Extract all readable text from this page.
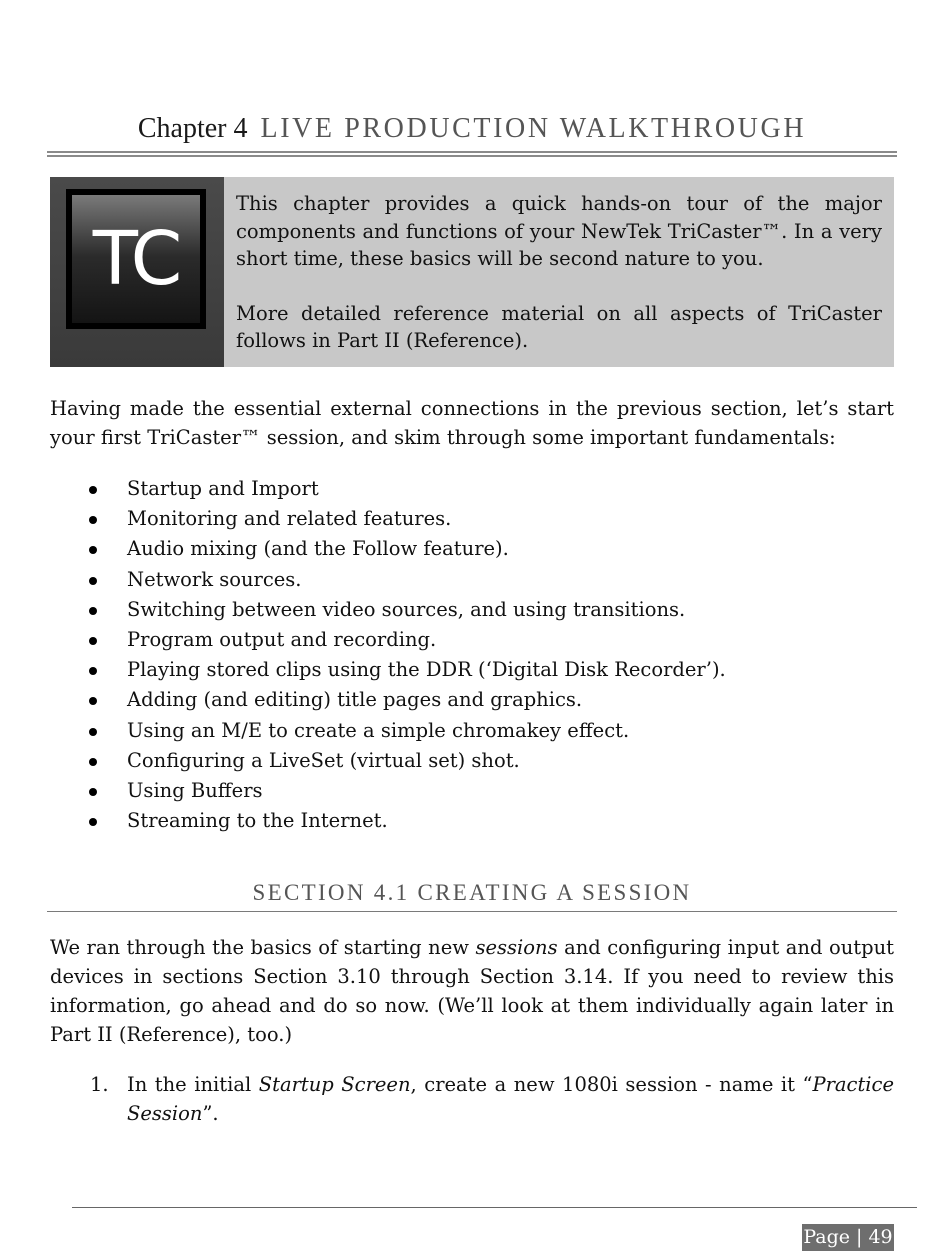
Chapter 4 LIVE PRODUCTION WALKTHROUGH
TC

This chapter provides a quick hands-on tour of the major components and functions of your NewTek TriCaster™. In a very short time, these basics will be second nature to you.

More detailed reference material on all aspects of TriCaster follows in Part II (Reference).

Having made the essential external connections in the previous section, let’s start your first TriCaster™ session, and skim through some important fundamentals:
Startup and Import
Monitoring and related features.
Audio mixing (and the Follow feature).
Network sources.
Switching between video sources, and using transitions.
Program output and recording.
Playing stored clips using the DDR (‘Digital Disk Recorder’).
Adding (and editing) title pages and graphics.
Using an M/E to create a simple chromakey effect.
Configuring a LiveSet (virtual set) shot.
Using Buffers
Streaming to the Internet.
SECTION 4.1 CREATING A SESSION
We ran through the basics of starting new sessions and configuring input and output devices in sections Section 3.10 through Section 3.14. If you need to review this information, go ahead and do so now. (We’ll look at them individually again later in Part II (Reference), too.)
1. In the initial Startup Screen, create a new 1080i session - name it “Practice Session”.
Page | 49
